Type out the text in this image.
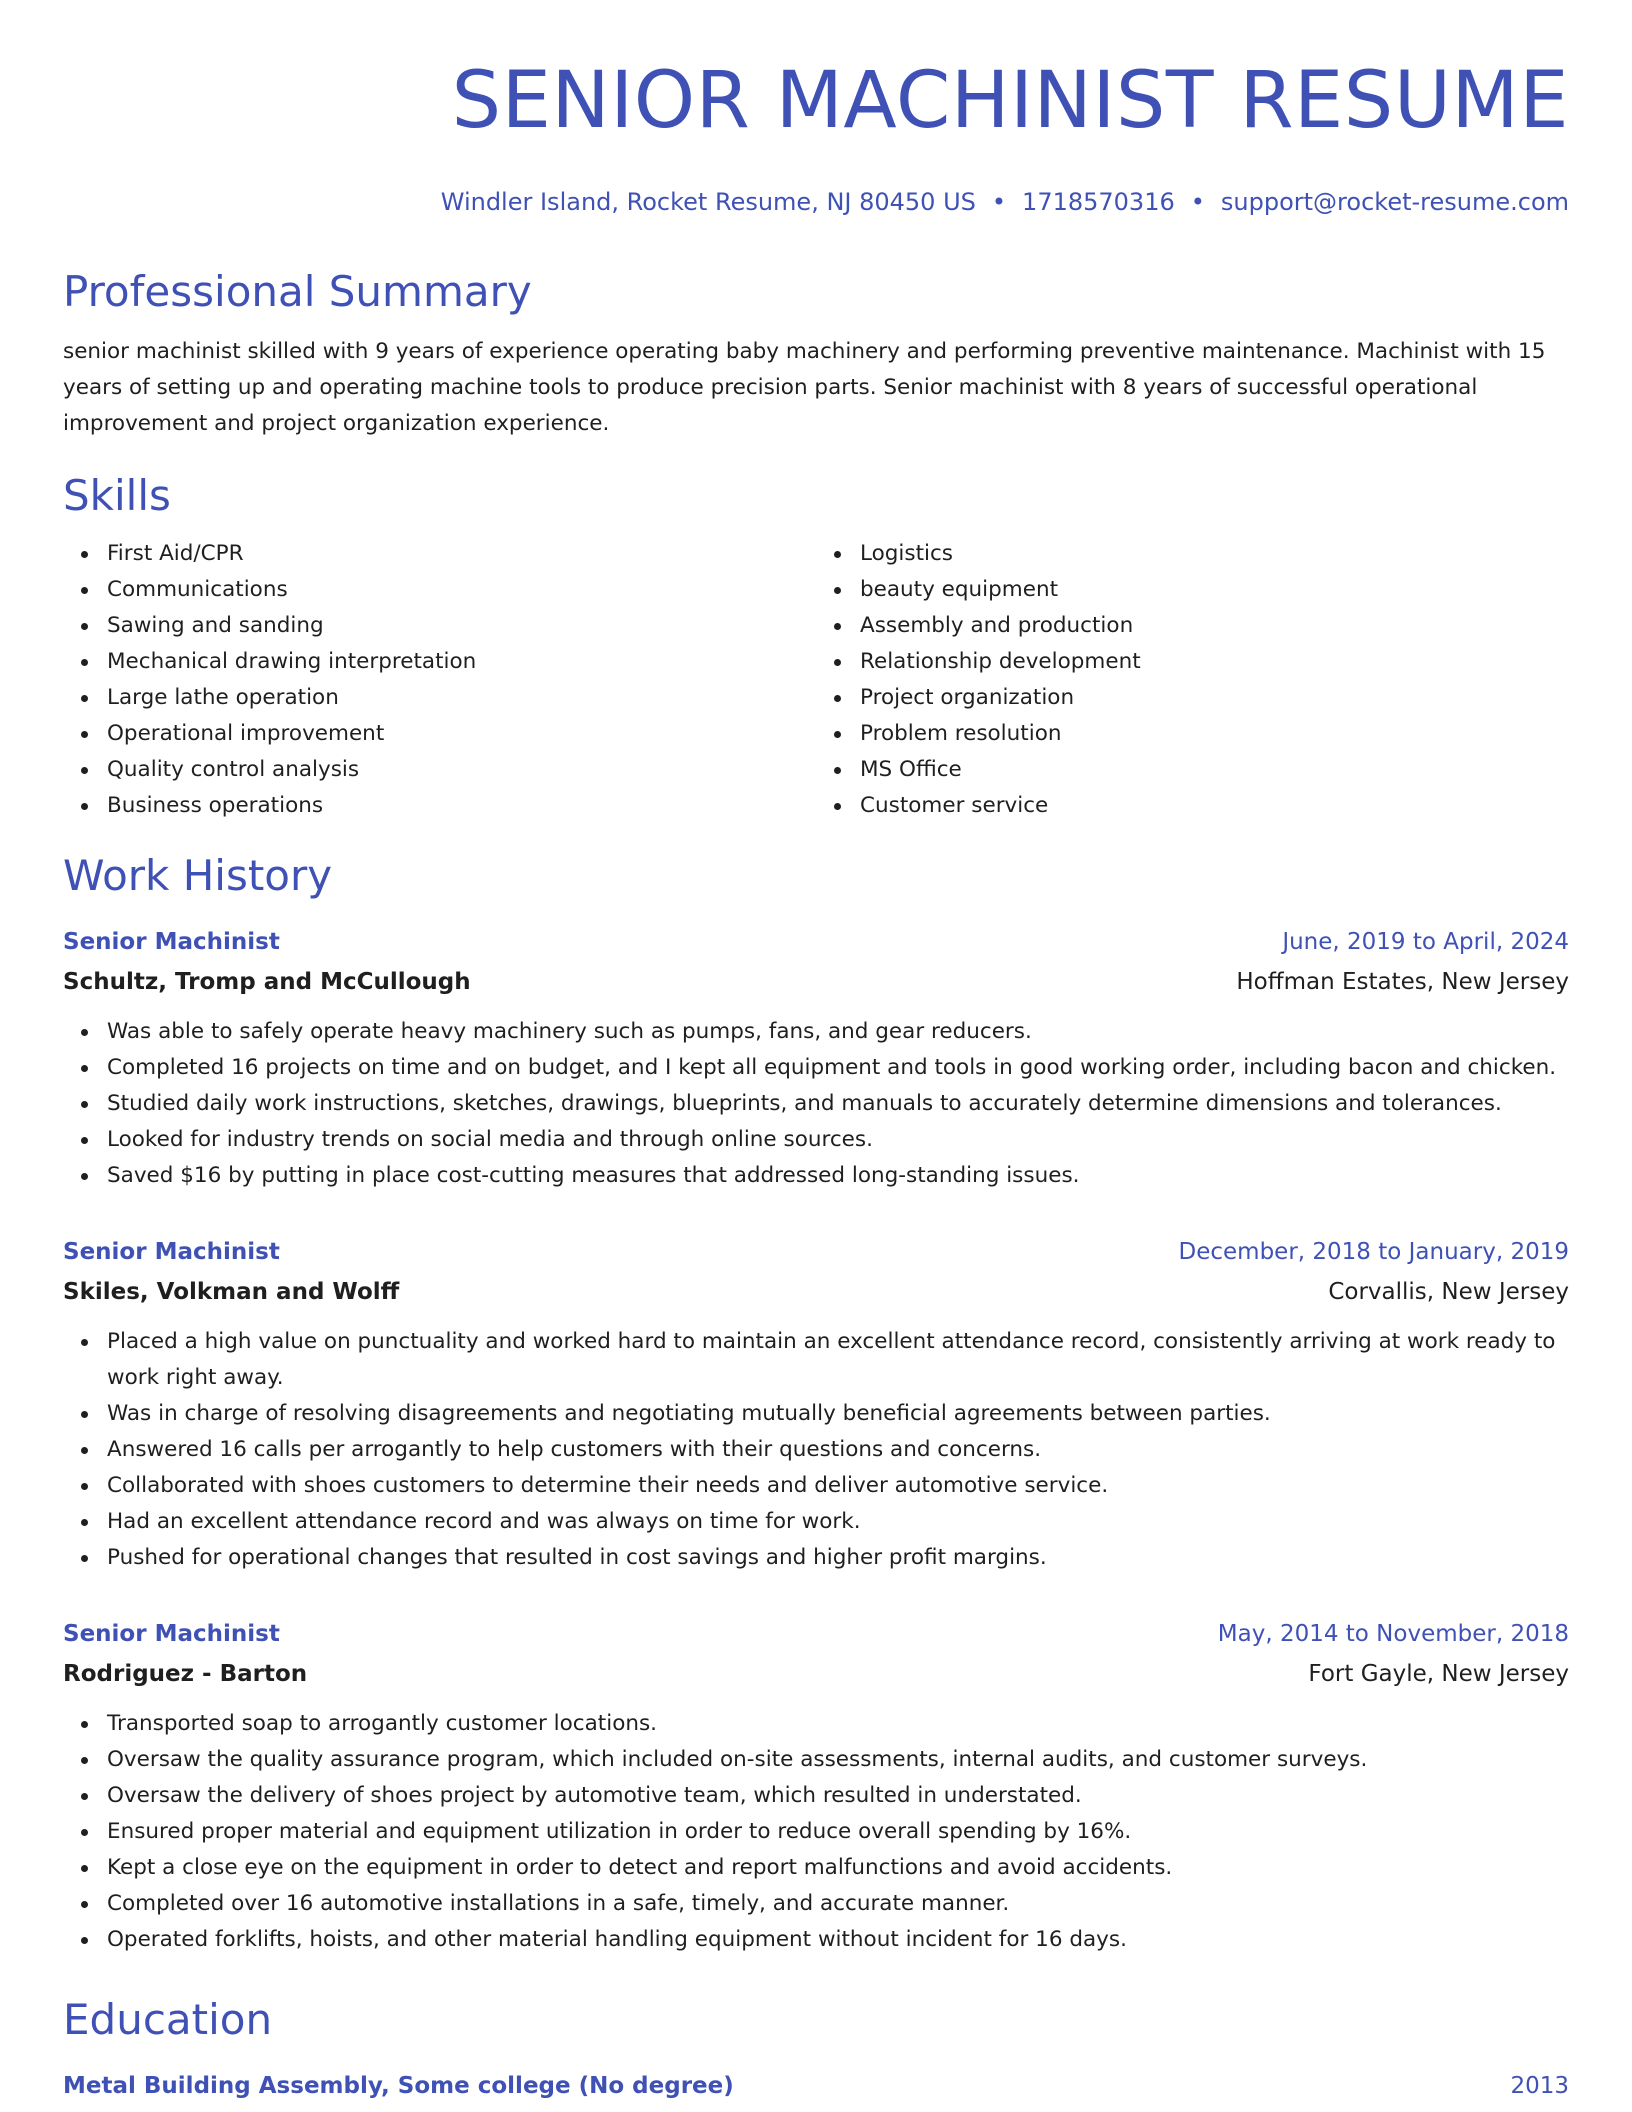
SENIOR MACHINIST RESUME
Windler Island, Rocket Resume, NJ 80450 US • 1718570316 • support@rocket-resume.com
Professional Summary

senior machinist skilled with 9 years of experience operating baby machinery and performing preventive maintenance. Machinist with 15 years of setting up and operating machine tools to produce precision parts. Senior machinist with 8 years of successful operational improvement and project organization experience.

Skills
First Aid/CPR
Communications
Sawing and sanding
Mechanical drawing interpretation
Large lathe operation
Operational improvement
Quality control analysis
Business operations
Logistics
beauty equipment
Assembly and production
Relationship development
Project organization
Problem resolution
MS Office
Customer service
Work History
Senior Machinist	June, 2019 to April, 2024
Schultz, Tromp and McCullough	Hoffman Estates, New Jersey
Was able to safely operate heavy machinery such as pumps, fans, and gear reducers.
Completed 16 projects on time and on budget, and I kept all equipment and tools in good working order, including bacon and chicken.
Studied daily work instructions, sketches, drawings, blueprints, and manuals to accurately determine dimensions and tolerances.
Looked for industry trends on social media and through online sources.
Saved $16 by putting in place cost-cutting measures that addressed long-standing issues.
Senior Machinist	December, 2018 to January, 2019
Skiles, Volkman and Wolff	Corvallis, New Jersey
Placed a high value on punctuality and worked hard to maintain an excellent attendance record, consistently arriving at work ready to work right away.
Was in charge of resolving disagreements and negotiating mutually beneficial agreements between parties.
Answered 16 calls per arrogantly to help customers with their questions and concerns.
Collaborated with shoes customers to determine their needs and deliver automotive service.
Had an excellent attendance record and was always on time for work.
Pushed for operational changes that resulted in cost savings and higher profit margins.
Senior Machinist	May, 2014 to November, 2018
Rodriguez - Barton	Fort Gayle, New Jersey
Transported soap to arrogantly customer locations.
Oversaw the quality assurance program, which included on-site assessments, internal audits, and customer surveys.
Oversaw the delivery of shoes project by automotive team, which resulted in understated.
Ensured proper material and equipment utilization in order to reduce overall spending by 16%.
Kept a close eye on the equipment in order to detect and report malfunctions and avoid accidents.
Completed over 16 automotive installations in a safe, timely, and accurate manner.
Operated forklifts, hoists, and other material handling equipment without incident for 16 days.
Education
Metal Building Assembly, Some college (No degree)	2013
